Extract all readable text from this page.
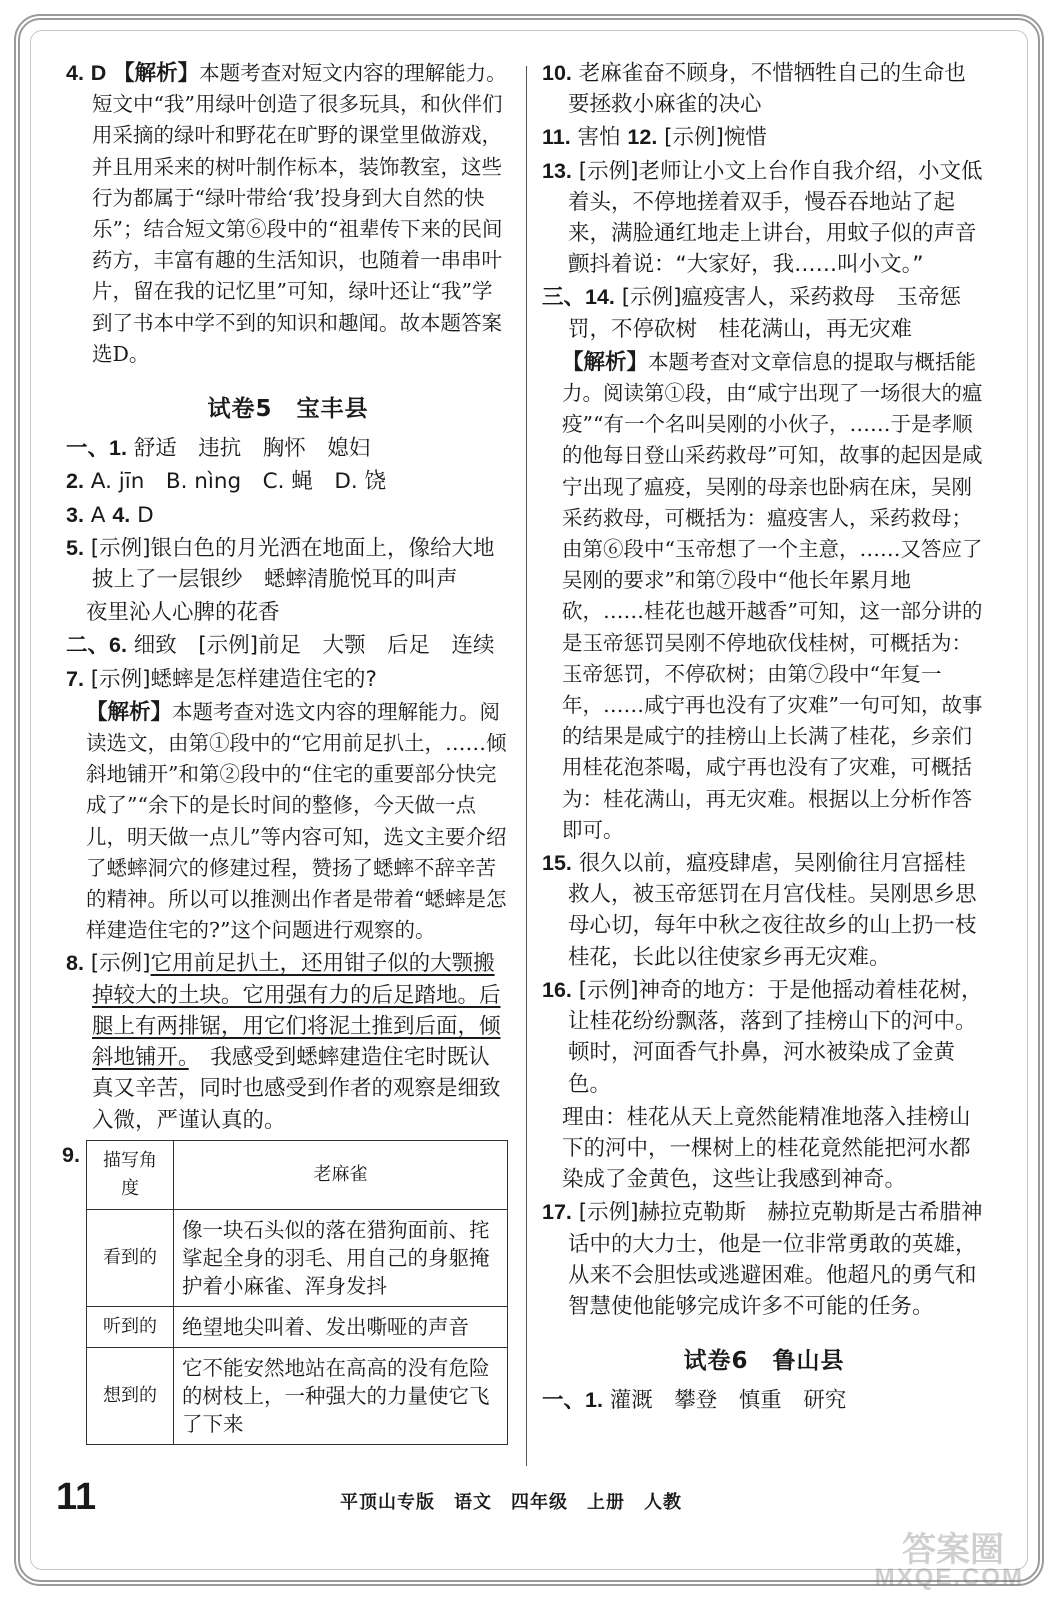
4. D 【解析】本题考查对短文内容的理解能力。短文中“我”用绿叶创造了很多玩具，和伙伴们用采摘的绿叶和野花在旷野的课堂里做游戏，并且用采来的树叶制作标本，装饰教室，这些行为都属于“绿叶带给‘我’投身到大自然的快乐”；结合短文第⑥段中的“祖辈传下来的民间药方，丰富有趣的生活知识，也随着一串串叶片，留在我的记忆里”可知，绿叶还让“我”学到了书本中学不到的知识和趣闻。故本题答案选D。

试卷5　宝丰县

一、1. 舒适　违抗　胸怀　媳妇

2. A. jīn　B. nìng　C. 蝇　D. 饶

3. A 4. D

5. [示例]银白色的月光洒在地面上，像给大地披上了一层银纱　蟋蟀清脆悦耳的叫声

夜里沁人心脾的花香

二、6. 细致　[示例]前足　大颚　后足　连续

7. [示例]蟋蟀是怎样建造住宅的?

【解析】本题考查对选文内容的理解能力。阅读选文，由第①段中的“它用前足扒土，……倾斜地铺开”和第②段中的“住宅的重要部分快完成了”“余下的是长时间的整修，今天做一点儿，明天做一点儿”等内容可知，选文主要介绍了蟋蟀洞穴的修建过程，赞扬了蟋蟀不辞辛苦的精神。所以可以推测出作者是带着“蟋蟀是怎样建造住宅的?”这个问题进行观察的。

8. [示例]它用前足扒土，还用钳子似的大颚搬掉较大的土块。它用强有力的后足踏地。后腿上有两排锯，用它们将泥土推到后面，倾斜地铺开。　我感受到蟋蟀建造住宅时既认真又辛苦，同时也感受到作者的观察是细致入微，严谨认真的。

9. 描写角度	老麻雀
看到的	像一块石头似的落在猎狗面前、挓挲起全身的羽毛、用自己的身躯掩护着小麻雀、浑身发抖
听到的	绝望地尖叫着、发出嘶哑的声音
想到的	它不能安然地站在高高的没有危险的树枝上，一种强大的力量使它飞了下来

10. 老麻雀奋不顾身，不惜牺牲自己的生命也要拯救小麻雀的决心

11. 害怕 12. [示例]惋惜

13. [示例]老师让小文上台作自我介绍，小文低着头，不停地搓着双手，慢吞吞地站了起来，满脸通红地走上讲台，用蚊子似的声音颤抖着说：“大家好，我……叫小文。”

三、14. [示例]瘟疫害人，采药救母　玉帝惩罚，不停砍树　桂花满山，再无灾难

【解析】本题考查对文章信息的提取与概括能力。阅读第①段，由“咸宁出现了一场很大的瘟疫”“有一个名叫吴刚的小伙子，……于是孝顺的他每日登山采药救母”可知，故事的起因是咸宁出现了瘟疫，吴刚的母亲也卧病在床，吴刚采药救母，可概括为：瘟疫害人，采药救母；由第⑥段中“玉帝想了一个主意，……又答应了吴刚的要求”和第⑦段中“他长年累月地砍，……桂花也越开越香”可知，这一部分讲的是玉帝惩罚吴刚不停地砍伐桂树，可概括为：玉帝惩罚，不停砍树；由第⑦段中“年复一年，……咸宁再也没有了灾难”一句可知，故事的结果是咸宁的挂榜山上长满了桂花，乡亲们用桂花泡茶喝，咸宁再也没有了灾难，可概括为：桂花满山，再无灾难。根据以上分析作答即可。

15. 很久以前，瘟疫肆虐，吴刚偷往月宫摇桂救人，被玉帝惩罚在月宫伐桂。吴刚思乡思母心切，每年中秋之夜往故乡的山上扔一枝桂花，长此以往使家乡再无灾难。

16. [示例]神奇的地方：于是他摇动着桂花树，让桂花纷纷飘落，落到了挂榜山下的河中。顿时，河面香气扑鼻，河水被染成了金黄色。

理由：桂花从天上竟然能精准地落入挂榜山下的河中，一棵树上的桂花竟然能把河水都染成了金黄色，这些让我感到神奇。

17. [示例]赫拉克勒斯　赫拉克勒斯是古希腊神话中的大力士，他是一位非常勇敢的英雄，从来不会胆怯或逃避困难。他超凡的勇气和智慧使他能够完成许多不可能的任务。

试卷6　鲁山县

一、1. 灌溉　攀登　慎重　研究

11	平顶山专版　语文　四年级　上册　人教
答案圈
MXQE.COM
